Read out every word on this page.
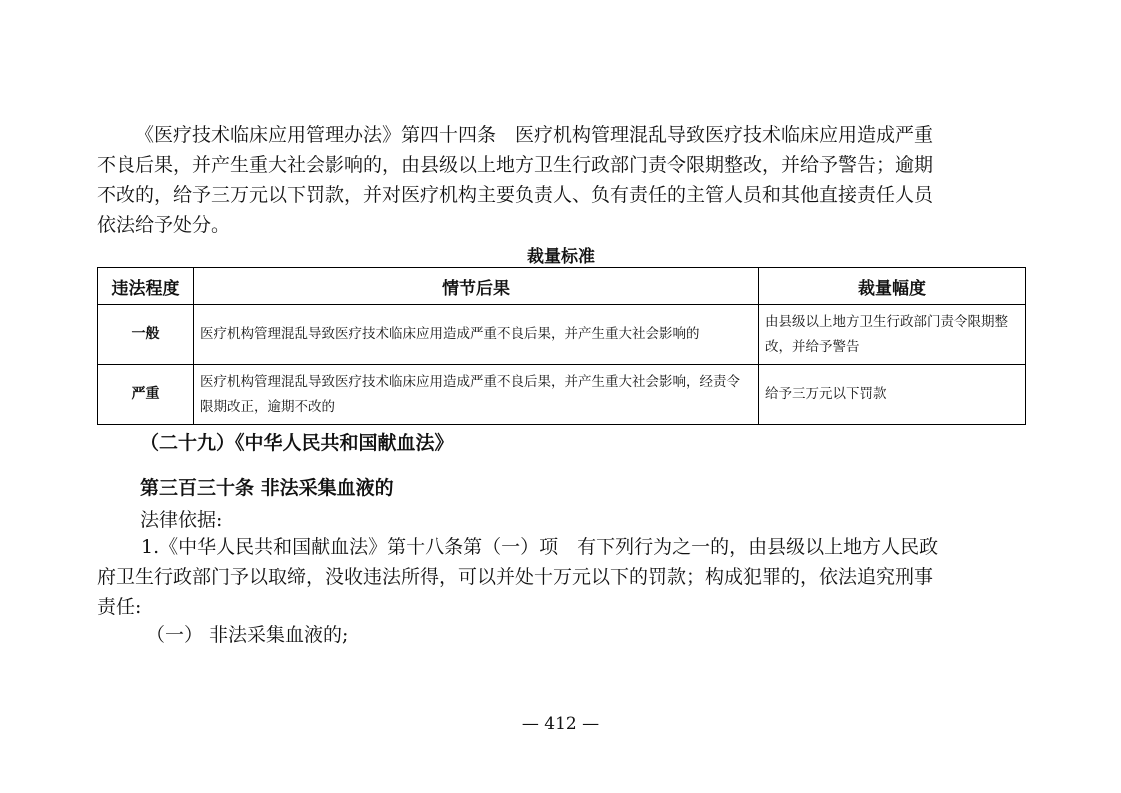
《医疗技术临床应用管理办法》第四十四条　医疗机构管理混乱导致医疗技术临床应用造成严重
不良后果，并产生重大社会影响的，由县级以上地方卫生行政部门责令限期整改，并给予警告；逾期
不改的，给予三万元以下罚款，并对医疗机构主要负责人、负有责任的主管人员和其他直接责任人员
依法给予处分。
裁量标准
违法程度	情节后果	裁量幅度
一般	医疗机构管理混乱导致医疗技术临床应用造成严重不良后果，并产生重大社会影响的	由县级以上地方卫生行政部门责令限期整改，并给予警告
严重	医疗机构管理混乱导致医疗技术临床应用造成严重不良后果，并产生重大社会影响，经责令限期改正，逾期不改的	给予三万元以下罚款
（二十九）《中华人民共和国献血法》
第三百三十条 非法采集血液的
法律依据:
1.《中华人民共和国献血法》第十八条第（一）项　有下列行为之一的，由县级以上地方人民政
府卫生行政部门予以取缔，没收违法所得，可以并处十万元以下的罚款；构成犯罪的，依法追究刑事
责任:
（一） 非法采集血液的;
— 412 —
